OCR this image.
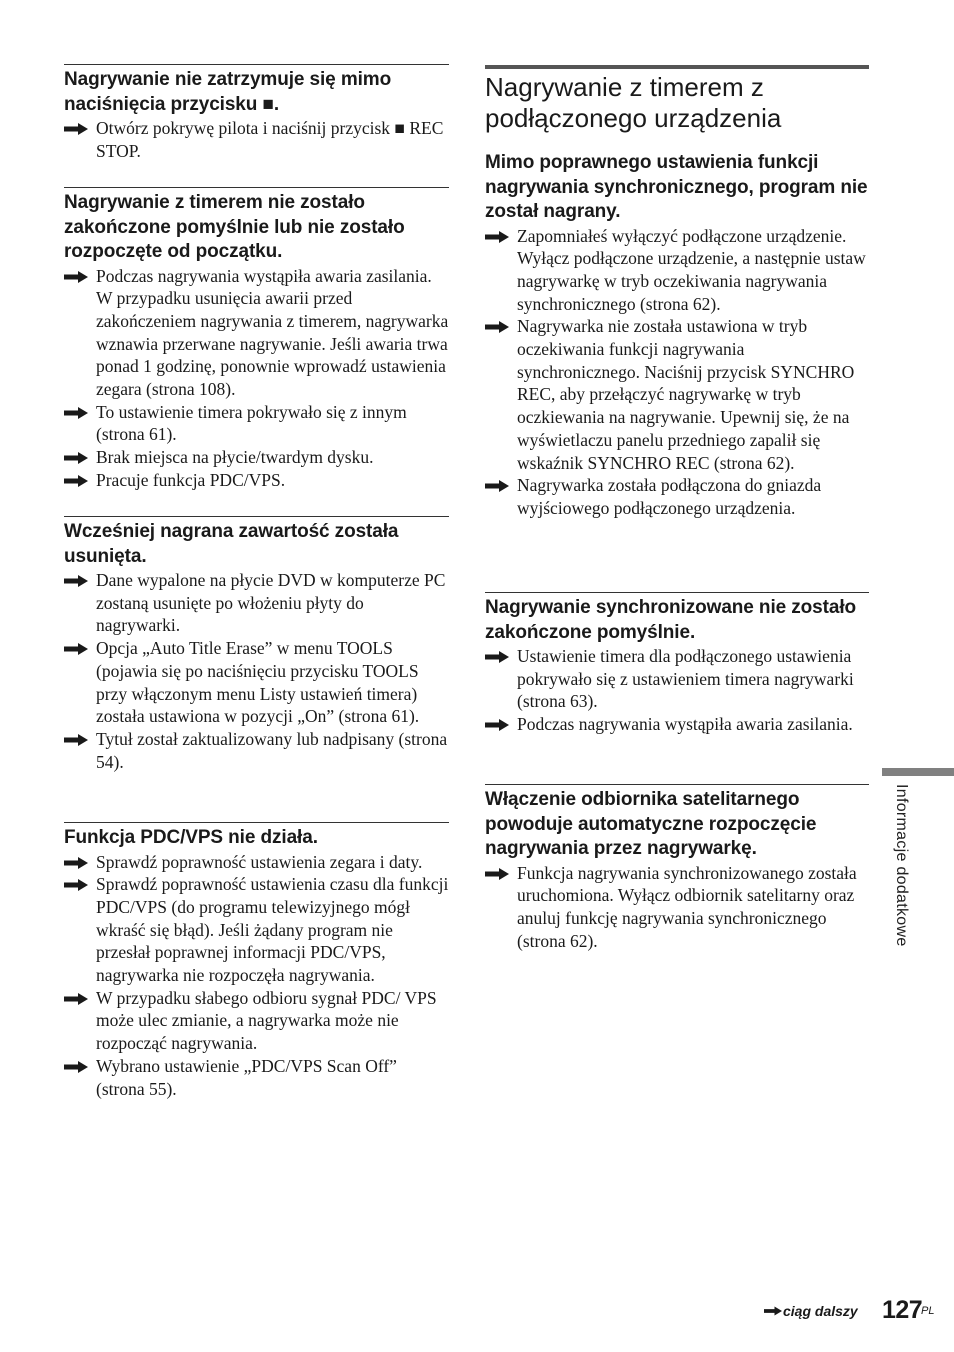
Nagrywanie nie zatrzymuje się mimo naciśnięcia przycisku ■.
Otwórz pokrywę pilota i naciśnij przycisk ■ REC STOP.
Nagrywanie z timerem nie zostało zakończone pomyślnie lub nie zostało rozpoczęte od początku.
Podczas nagrywania wystąpiła awaria zasilania. W przypadku usunięcia awarii przed zakończeniem nagrywania z timerem, nagrywarka wznawia przerwane nagrywanie. Jeśli awaria trwa ponad 1 godzinę, ponownie wprowadź ustawienia zegara (strona 108).
To ustawienie timera pokrywało się z innym (strona 61).
Brak miejsca na płycie/twardym dysku.
Pracuje funkcja PDC/VPS.
Wcześniej nagrana zawartość została usunięta.
Dane wypalone na płycie DVD w komputerze PC zostaną usunięte po włożeniu płyty do nagrywarki.
Opcja „Auto Title Erase” w menu TOOLS (pojawia się po naciśnięciu przycisku TOOLS przy włączonym menu Listy ustawień timera) została ustawiona w pozycji „On” (strona 61).
Tytuł został zaktualizowany lub nadpisany (strona 54).
Funkcja PDC/VPS nie działa.
Sprawdź poprawność ustawienia zegara i daty.
Sprawdź poprawność ustawienia czasu dla funkcji PDC/VPS (do programu telewizyjnego mógł wkraść się błąd). Jeśli żądany program nie przesłał poprawnej informacji PDC/VPS, nagrywarka nie rozpoczęła nagrywania.
W przypadku słabego odbioru sygnał PDC/ VPS może ulec zmianie, a nagrywarka może nie rozpocząć nagrywania.
Wybrano ustawienie „PDC/VPS Scan Off” (strona 55).
Nagrywanie z timerem z podłączonego urządzenia
Mimo poprawnego ustawienia funkcji nagrywania synchronicznego, program nie został nagrany.
Zapomniałeś wyłączyć podłączone urządzenie. Wyłącz podłączone urządzenie, a następnie ustaw nagrywarkę w tryb oczekiwania nagrywania synchronicznego (strona 62).
Nagrywarka nie została ustawiona w tryb oczekiwania funkcji nagrywania synchronicznego. Naciśnij przycisk SYNCHRO REC, aby przełączyć nagrywarkę w tryb oczkiewania na nagrywanie. Upewnij się, że na wyświetlaczu panelu przedniego zapalił się wskaźnik SYNCHRO REC (strona 62).
Nagrywarka została podłączona do gniazda wyjściowego podłączonego urządzenia.
Nagrywanie synchronizowane nie zostało zakończone pomyślnie.
Ustawienie timera dla podłączonego ustawienia pokrywało się z ustawieniem timera nagrywarki (strona 63).
Podczas nagrywania wystąpiła awaria zasilania.
Włączenie odbiornika satelitarnego powoduje automatyczne rozpoczęcie nagrywania przez nagrywarkę.
Funkcja nagrywania synchronizowanego została uruchomiona. Wyłącz odbiornik satelitarny oraz anuluj funkcję nagrywania synchronicznego (strona 62).	Informacje dodatkowe
ciąg dalszy 127
PL
